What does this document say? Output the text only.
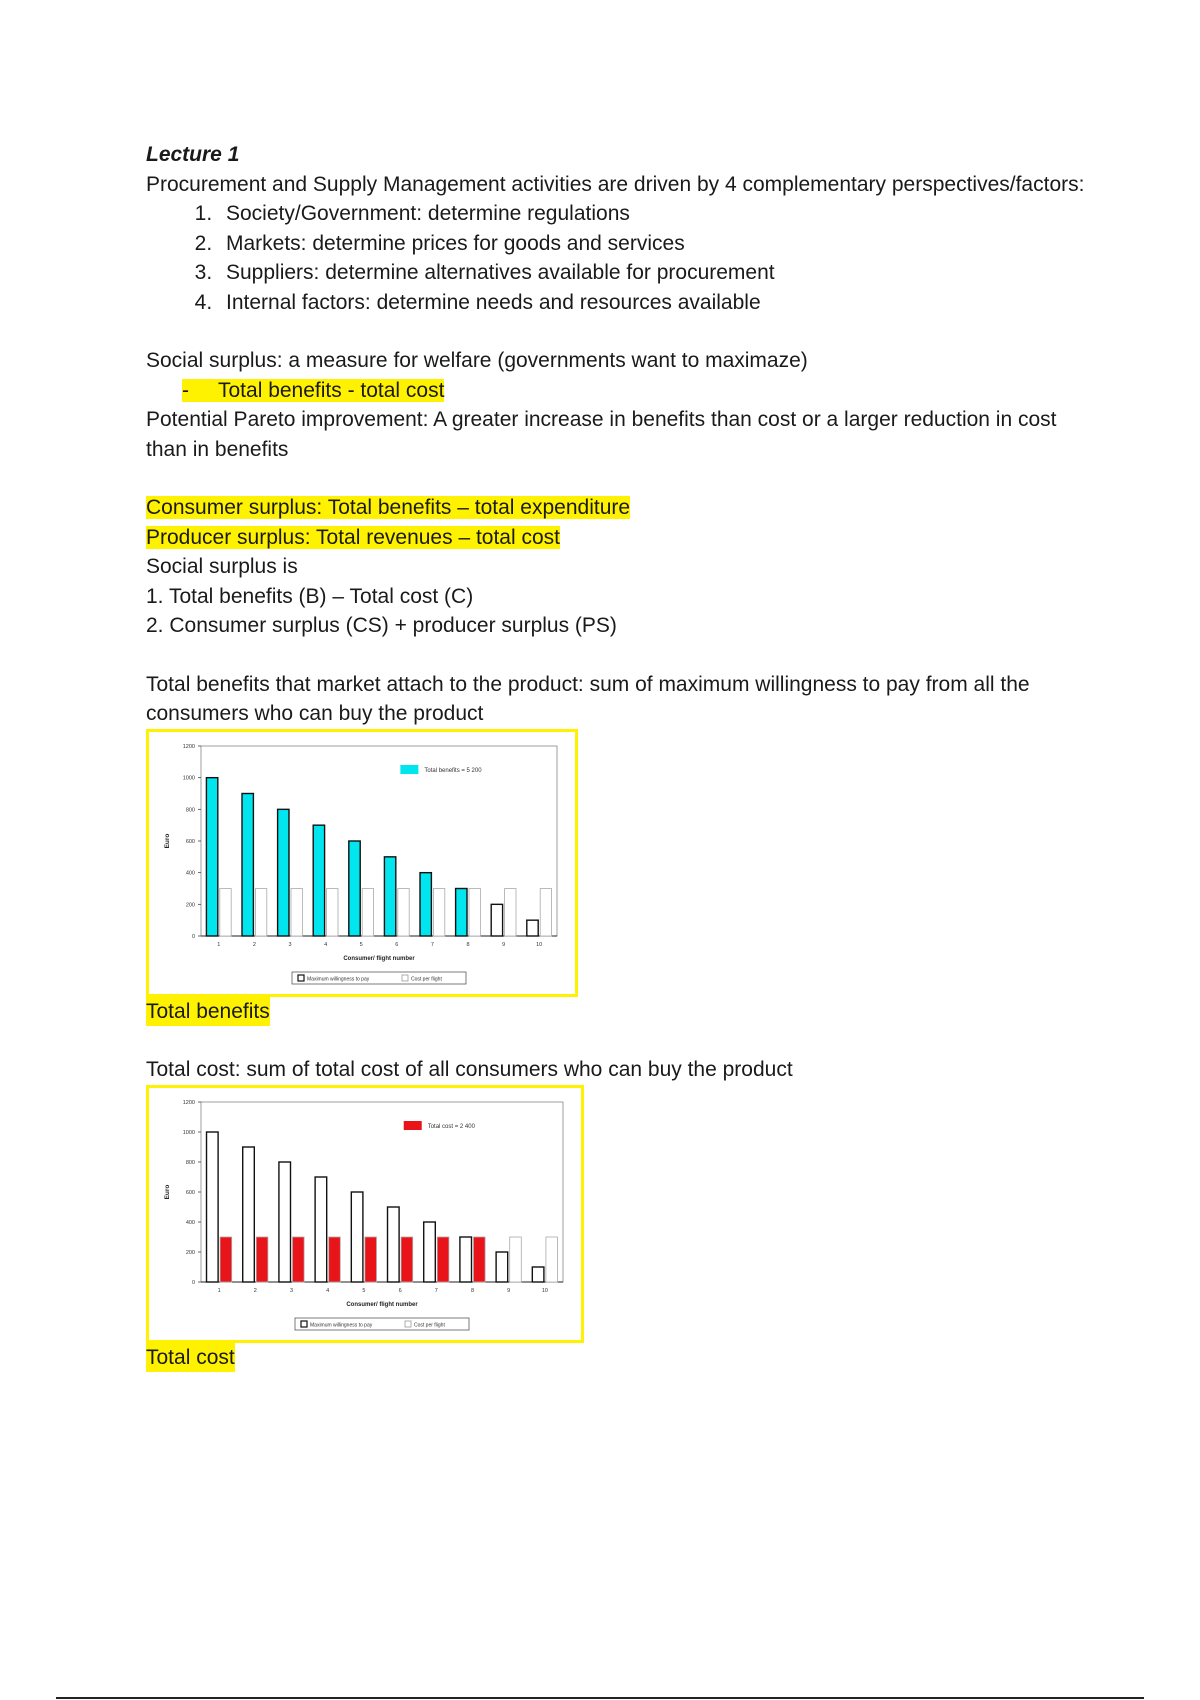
Lecture 1

Procurement and Supply Management activities are driven by 4 complementary perspectives/factors:

1. Society/Government: determine regulations
2. Markets: determine prices for goods and services
3. Suppliers: determine alternatives available for procurement
4. Internal factors: determine needs and resources available

Social surplus: a measure for welfare (governments want to maximaze)

- Total benefits - total cost

Potential Pareto improvement: A greater increase in benefits than cost or a larger reduction in cost than in benefits

Consumer surplus: Total benefits – total expenditure

Producer surplus: Total revenues – total cost

Social surplus is

1. Total benefits (B) – Total cost (C)

2. Consumer surplus (CS) + producer surplus (PS)

Total benefits that market attach to the product: sum of maximum willingness to pay from all the consumers who can buy the product

0
200
400
600
800
1000
1200
Euro
1	2	3	4	5	6	7	8	9	10
Consumer/ flight number
Total benefits = 5 200
Maximum willingness to pay	Cost per flight
Total benefits

Total cost: sum of total cost of all consumers who can buy the product

0
200
400
600
800
1000
1200
Euro
1	2	3	4	5	6	7	8	9	10
Consumer/ flight number
Total cost = 2 400
Maximum willingness to pay	Cost per flight
Total cost
